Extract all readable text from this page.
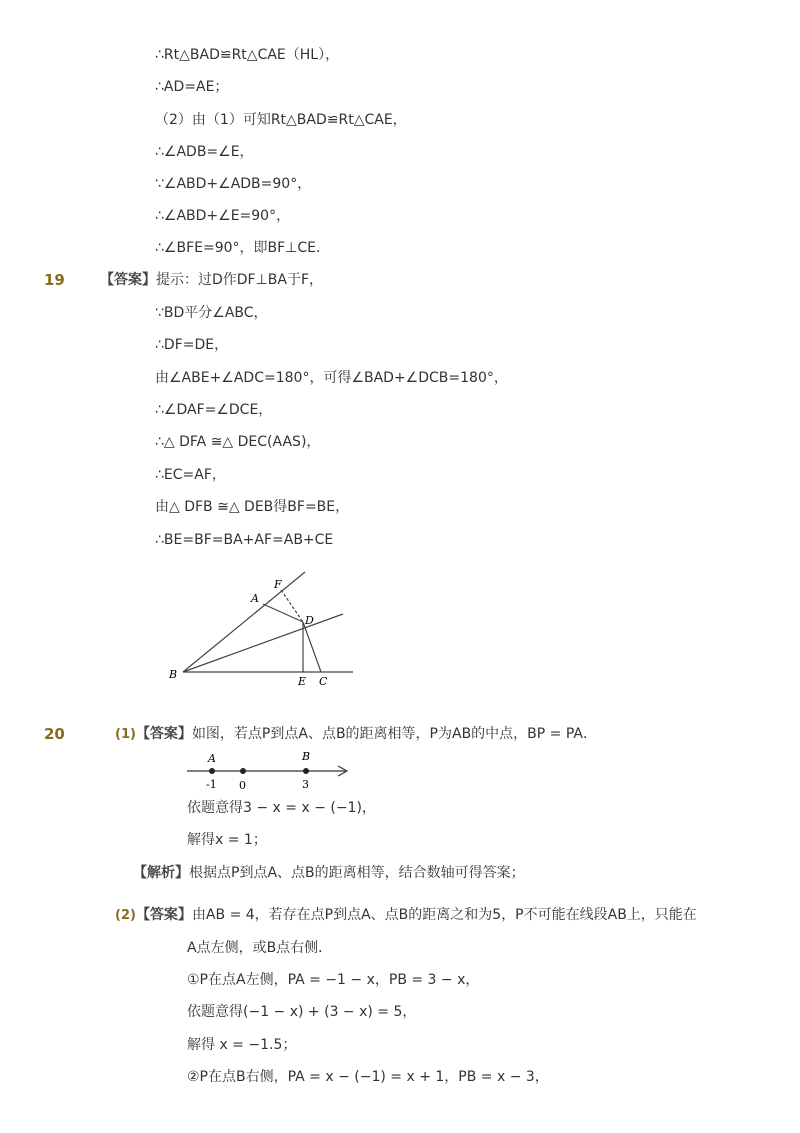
∴Rt△BAD≌Rt△CAE（HL），
∴AD=AE；
（2）由（1）可知Rt△BAD≌Rt△CAE，
∴∠ADB=∠E，
∵∠ABD+∠ADB=90°，
∴∠ABD+∠E=90°，
∴∠BFE=90°，即BF⊥CE．
19	【答案】提示：过D作DF⊥BA于F，
∵BD平分∠ABC，
∴DF=DE，
由∠ABE+∠ADC=180°，可得∠BAD+∠DCB=180°，
∴∠DAF=∠DCE，
∴△ DFA ≅△ DEC(AAS)，
∴EC=AF，
由△ DFB ≅△ DEB得BF=BE，
∴BE=BF=BA+AF=AB+CE
F
A
D
B
E C
20	(1)【答案】如图，若点P到点A、点B的距离相等，P为AB的中点，BP = PA．
A	B
-1 0	3
依题意得3 − x = x − (−1)，
解得x = 1；
【解析】根据点P到点A、点B的距离相等，结合数轴可得答案；
(2)【答案】由AB = 4，若存在点P到点A、点B的距离之和为5，P不可能在线段AB上，只能在
A点左侧，或B点右侧．
①P在点A左侧，PA = −1 − x，PB = 3 − x，
依题意得(−1 − x) + (3 − x) = 5，
解得 x = −1.5；
②P在点B右侧，PA = x − (−1) = x + 1，PB = x − 3，
